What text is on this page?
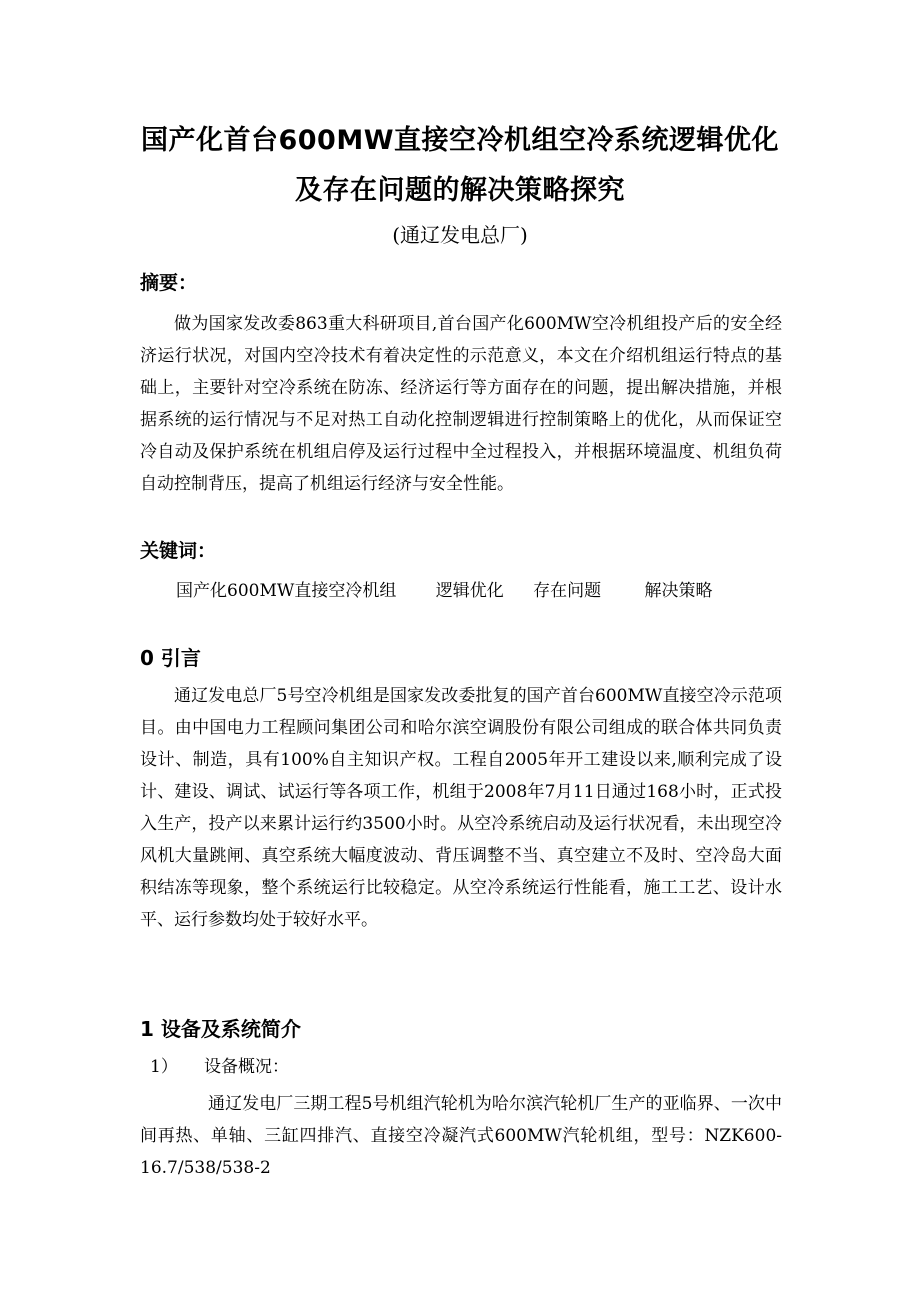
国产化首台600MW直接空冷机组空冷系统逻辑优化
及存在问题的解决策略探究
(通辽发电总厂)
摘要：

做为国家发改委863重大科研项目,首台国产化600MW空冷机组投产后的安全经济运行状况，对国内空冷技术有着决定性的示范意义，本文在介绍机组运行特点的基础上，主要针对空冷系统在防冻、经济运行等方面存在的问题，提出解决措施，并根据系统的运行情况与不足对热工自动化控制逻辑进行控制策略上的优化，从而保证空冷自动及保护系统在机组启停及运行过程中全过程投入，并根据环境温度、机组负荷自动控制背压，提高了机组运行经济与安全性能。

关键词：
国产化600MW直接空冷机组 逻辑优化 存在问题	解决策略
0 引言

通辽发电总厂5号空冷机组是国家发改委批复的国产首台600MW直接空冷示范项目。由中国电力工程顾问集团公司和哈尔滨空调股份有限公司组成的联合体共同负责设计、制造，具有100%自主知识产权。工程自2005年开工建设以来,顺利完成了设计、建设、调试、试运行等各项工作，机组于2008年7月11日通过168小时，正式投入生产，投产以来累计运行约3500小时。从空冷系统启动及运行状况看，未出现空冷风机大量跳闸、真空系统大幅度波动、背压调整不当、真空建立不及时、空冷岛大面积结冻等现象，整个系统运行比较稳定。从空冷系统运行性能看，施工工艺、设计水平、运行参数均处于较好水平。

1 设备及系统简介
1） 设备概况：

通辽发电厂三期工程5号机组汽轮机为哈尔滨汽轮机厂生产的亚临界、一次中间再热、单轴、三缸四排汽、直接空冷凝汽式600MW汽轮机组，型号：NZK600-16.7/538/538-2
